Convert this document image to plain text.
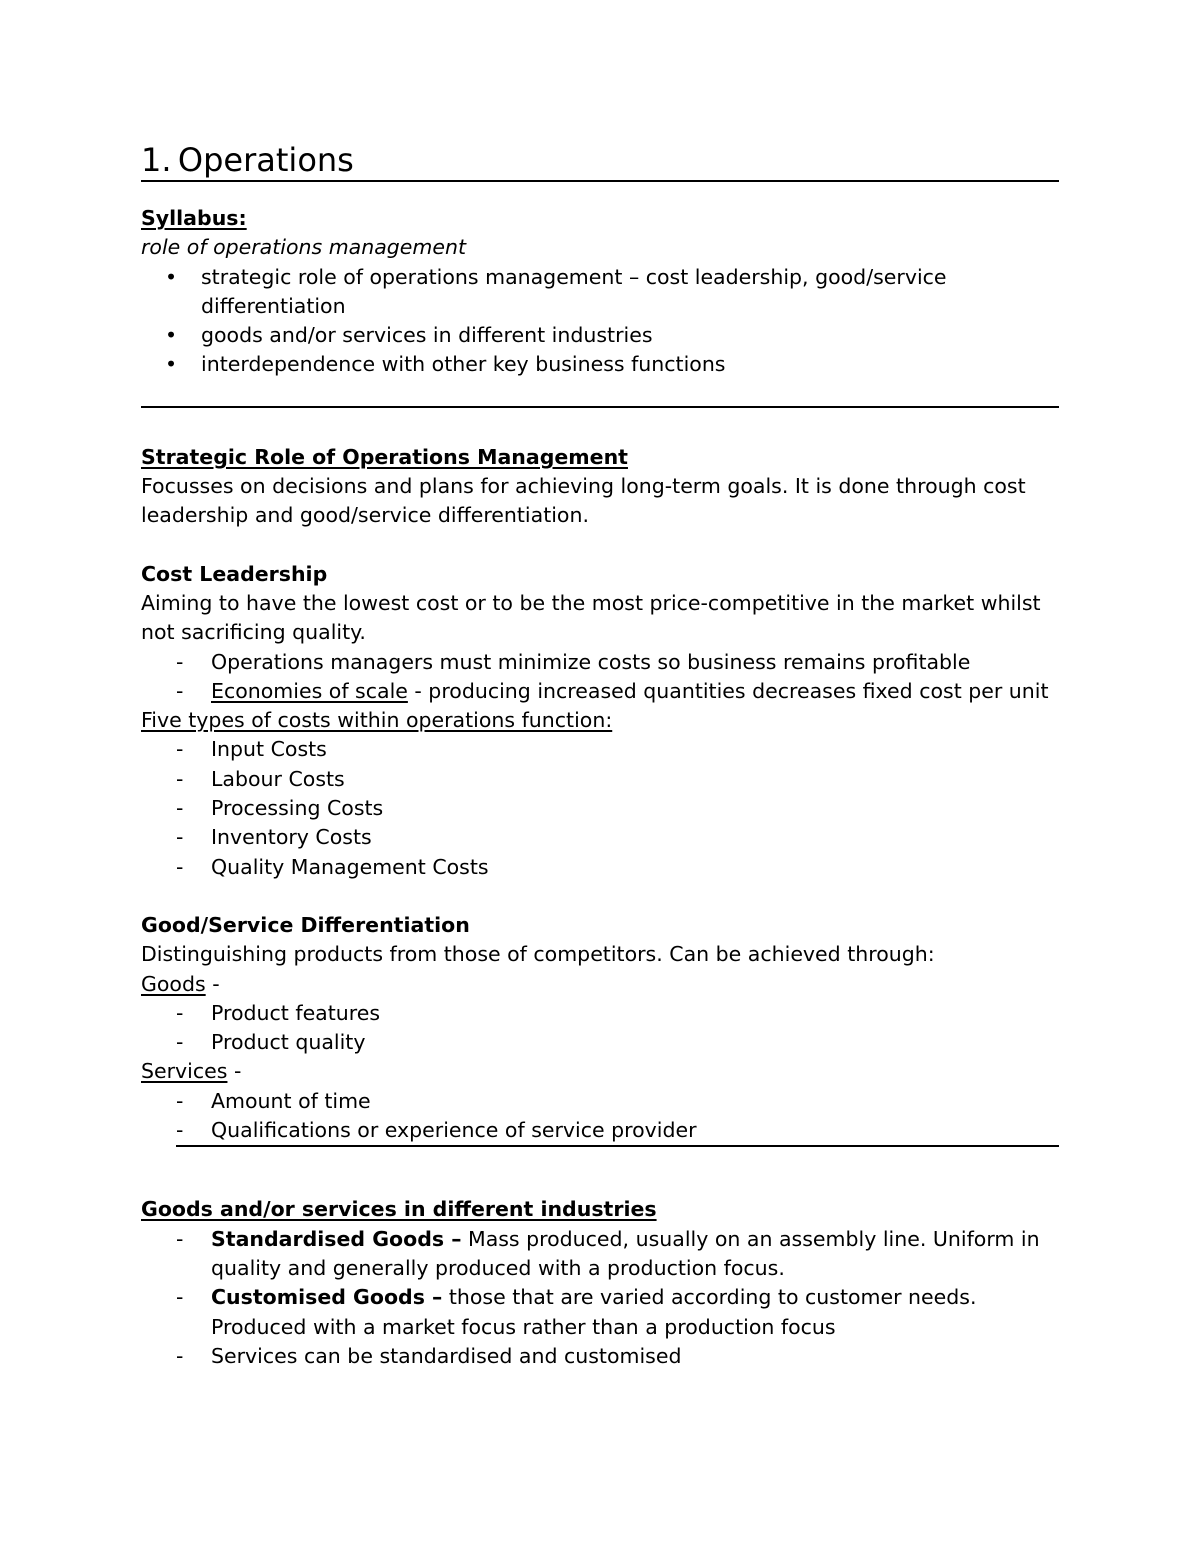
1. Operations
Syllabus:
role of operations management
• strategic role of operations management – cost leadership, good/service differentiation
• goods and/or services in different industries
• interdependence with other key business functions
Strategic Role of Operations Management
Focusses on decisions and plans for achieving long-term goals. It is done through cost leadership and good/service differentiation.
Cost Leadership
Aiming to have the lowest cost or to be the most price-competitive in the market whilst not sacrificing quality.
- Operations managers must minimize costs so business remains profitable
- Economies of scale - producing increased quantities decreases fixed cost per unit
Five types of costs within operations function:
- Input Costs
- Labour Costs
- Processing Costs
- Inventory Costs
- Quality Management Costs
Good/Service Differentiation
Distinguishing products from those of competitors. Can be achieved through:
Goods -
- Product features
- Product quality
Services -
- Amount of time
- Qualifications or experience of service provider
Goods and/or services in different industries
- Standardised Goods – Mass produced, usually on an assembly line. Uniform in quality and generally produced with a production focus.
- Customised Goods – those that are varied according to customer needs. Produced with a market focus rather than a production focus
- Services can be standardised and customised
